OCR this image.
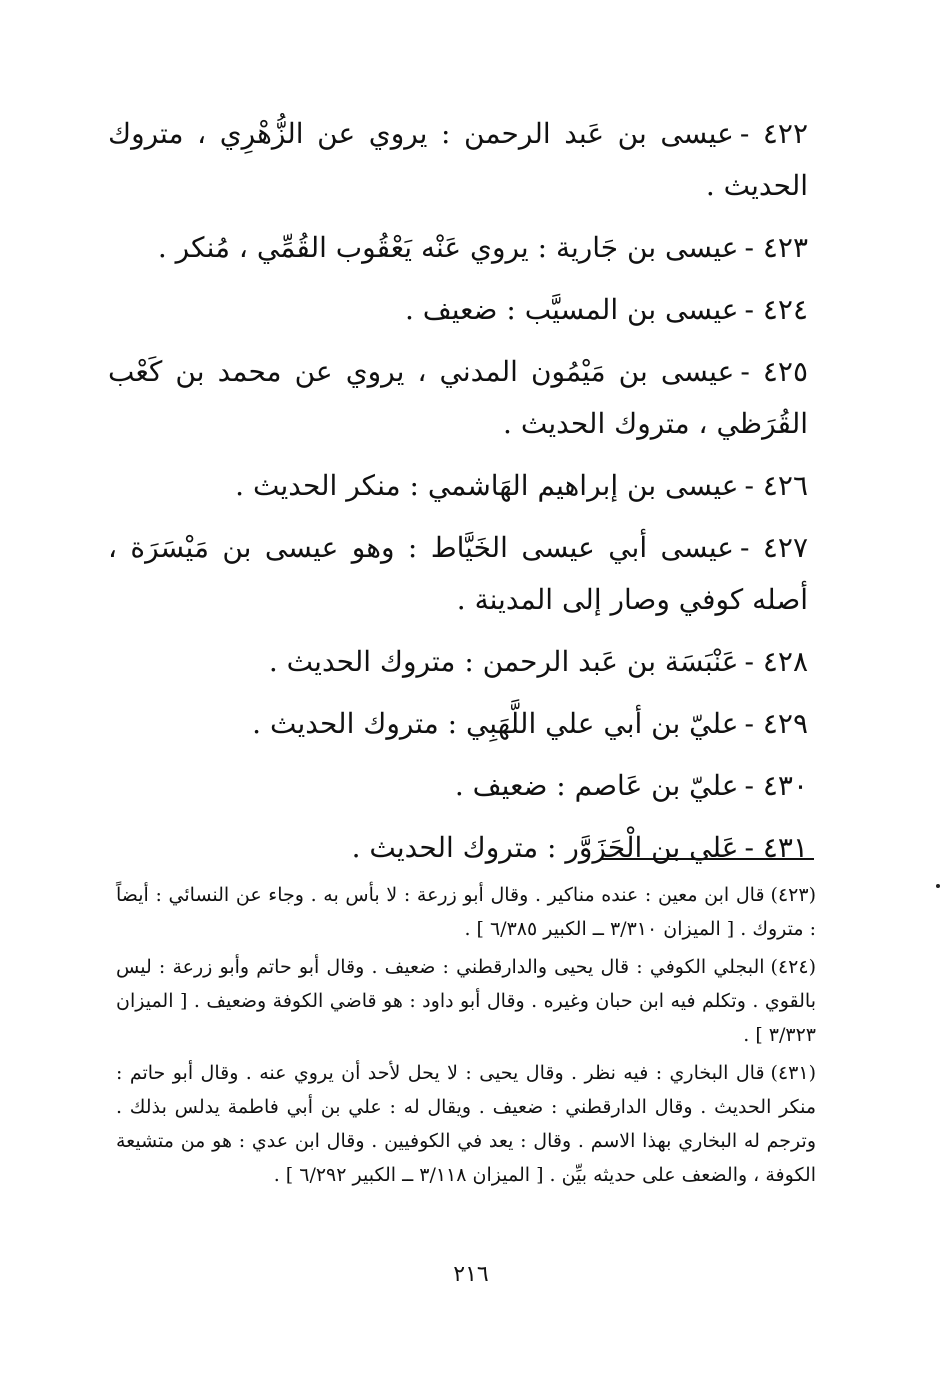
٤٢٢ -عيسى بن عَبد الرحمن : يروي عن الزُّهْرِي ، متروك الحديث .

٤٢٣ -عيسى بن جَارية : يروي عَنْه يَعْقُوب القُمِّي ، مُنكر .

٤٢٤ -عيسى بن المسيَّب : ضعيف .

٤٢٥ -عيسى بن مَيْمُون المدني ، يروي عن محمد بن كَعْب القُرَظي ، متروك الحديث .

٤٢٦ -عيسى بن إبراهيم الهَاشمي : منكر الحديث .

٤٢٧ -عيسى أبي عيسى الخَيَّاط : وهو عيسى بن مَيْسَرَة ، أصله كوفي وصار إلى المدينة .

٤٢٨ -عَنْبَسَة بن عَبد الرحمن : متروك الحديث .

٤٢٩ -عليّ بن أبي علي اللَّهَبِي : متروك الحديث .

٤٣٠ -عليّ بن عَاصم : ضعيف .

٤٣١ -عَلي بن الْحَزَوَّر : متروك الحديث .

(٤٢٣)قال ابن معين : عنده مناكير . وقال أبو زرعة : لا بأس به . وجاء عن النسائي : أيضاً : متروك . [ الميزان ٣/٣١٠ ــ الكبير ٦/٣٨٥ ] .

(٤٢٤)البجلي الكوفي : قال يحيى والدارقطني : ضعيف . وقال أبو حاتم وأبو زرعة : ليس بالقوي . وتكلم فيه ابن حبان وغيره . وقال أبو داود : هو قاضي الكوفة وضعيف . [ الميزان ٣/٣٢٣ ] .

(٤٣١)قال البخاري : فيه نظر . وقال يحيى : لا يحل لأحد أن يروي عنه . وقال أبو حاتم : منكر الحديث . وقال الدارقطني : ضعيف . ويقال له : علي بن أبي فاطمة يدلس بذلك . وترجم له البخاري بهذا الاسم . وقال : يعد في الكوفيين . وقال ابن عدي : هو من متشيعة الكوفة ، والضعف على حديثه بيِّن . [ الميزان ٣/١١٨ ــ الكبير ٦/٢٩٢ ] .

٢١٦
